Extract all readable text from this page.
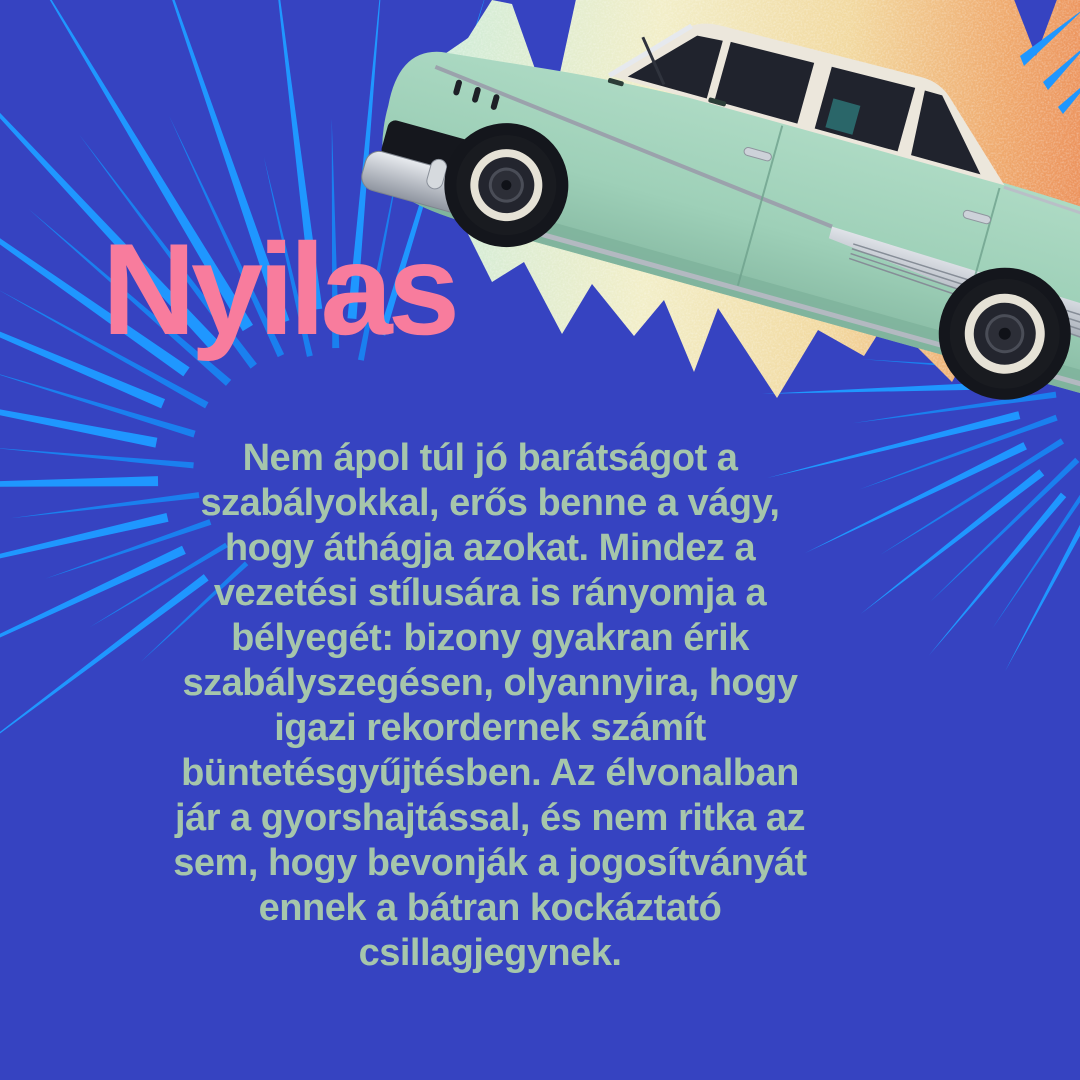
Nyilas
Nem ápol túl jó barátságot a
szabályokkal, erős benne a vágy,
hogy áthágja azokat. Mindez a
vezetési stílusára is rányomja a
bélyegét: bizony gyakran érik
szabályszegésen, olyannyira, hogy
igazi rekordernek számít
büntetésgyűjtésben. Az élvonalban
jár a gyorshajtással, és nem ritka az
sem, hogy bevonják a jogosítványát
ennek a bátran kockáztató
csillagjegynek.
